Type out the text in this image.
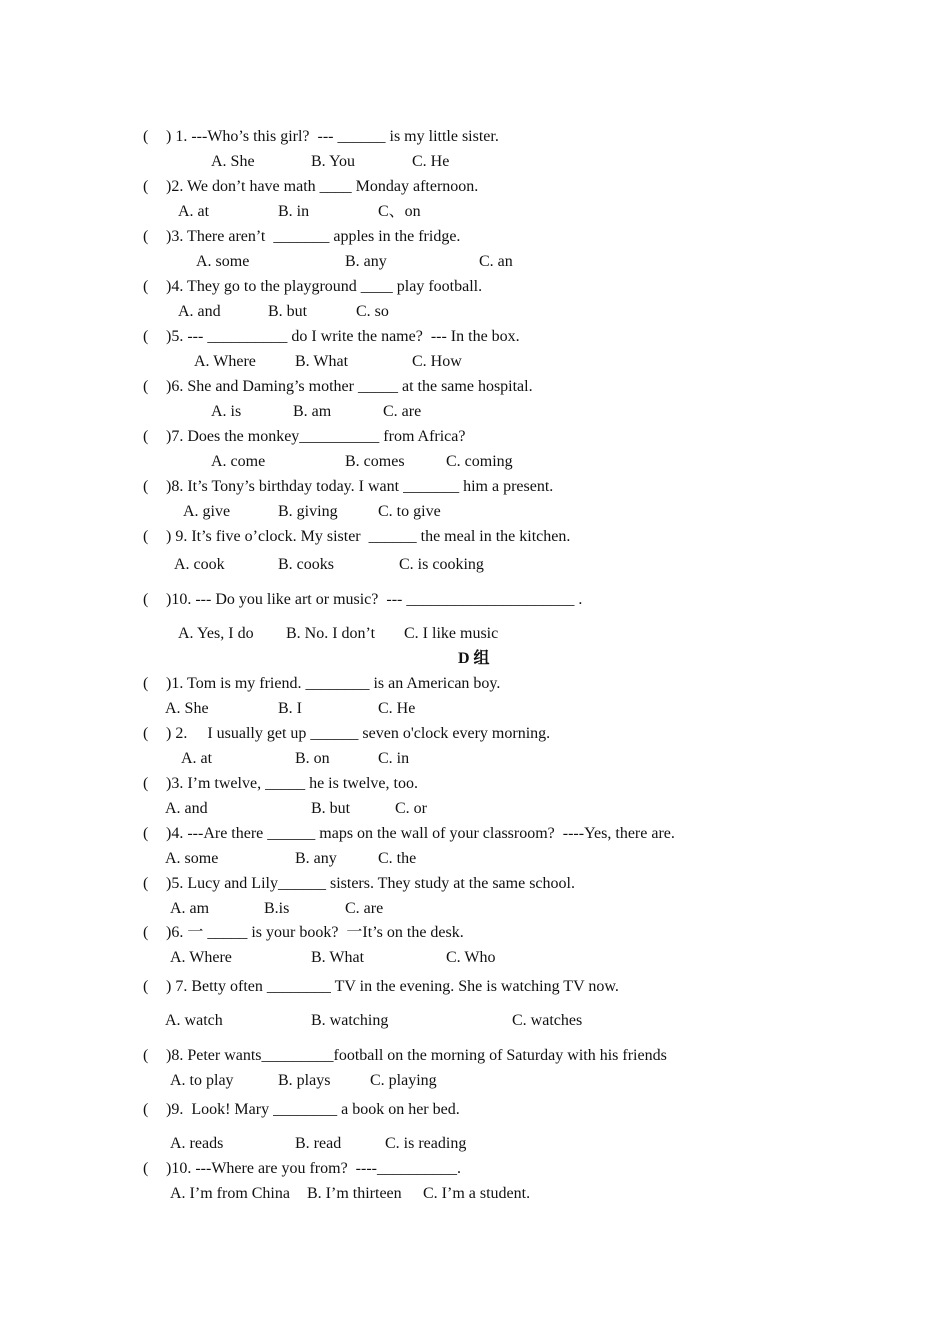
( ) 1. ---Who’s this girl?  --- ______ is my little sister.
A. She	B. You	C. He
( )2. We don’t have math ____ Monday afternoon.
A. at	B. in	C、on
( )3. There aren’t  _______ apples in the fridge.
A. some	B. any	C. an
( )4. They go to the playground ____ play football.
A. and	B. but	C. so
( )5. --- __________ do I write the name?  --- In the box.
A. Where B. What	C. How
( )6. She and Daming’s mother _____ at the same hospital.
A. is	B. am	C. are
( )7. Does the monkey__________ from Africa?
A. come	B. comes	C. coming
( )8. It’s Tony’s birthday today. I want _______ him a present.
A. give	B. giving	C. to give
( ) 9. It’s five o’clock. My sister  ______ the meal in the kitchen.
A. cook	B. cooks	C. is cooking
( )10. --- Do you like art or music?  --- _____________________ .
A. Yes, I do B. No. I don’t C. I like music
D 组
( )1. Tom is my friend. ________ is an American boy.
A. She	B. I	C. He
( ) 2.     I usually get up ______ seven o'clock every morning.
A. at	B. on	C. in
( )3. I’m twelve, _____ he is twelve, too.
A. and	B. but	C. or
( )4. ---Are there ______ maps on the wall of your classroom?  ----Yes, there are.
A. some	B. any	C. the
( )5. Lucy and Lily______ sisters. They study at the same school.
A. am	B.is	C. are
( )6. 一 _____ is your book?  一It’s on the desk.
A. Where	B. What	C. Who
( ) 7. Betty often ________ TV in the evening. She is watching TV now.
A. watch	B. watching	C. watches
( )8. Peter wants_________football on the morning of Saturday with his friends
A. to play	B. plays C. playing
( )9.  Look! Mary ________ a book on her bed.
A. reads	B. read	C. is reading
( )10. ---Where are you from?  ----__________.
A. I’m from China B. I’m thirteen C. I’m a student.
